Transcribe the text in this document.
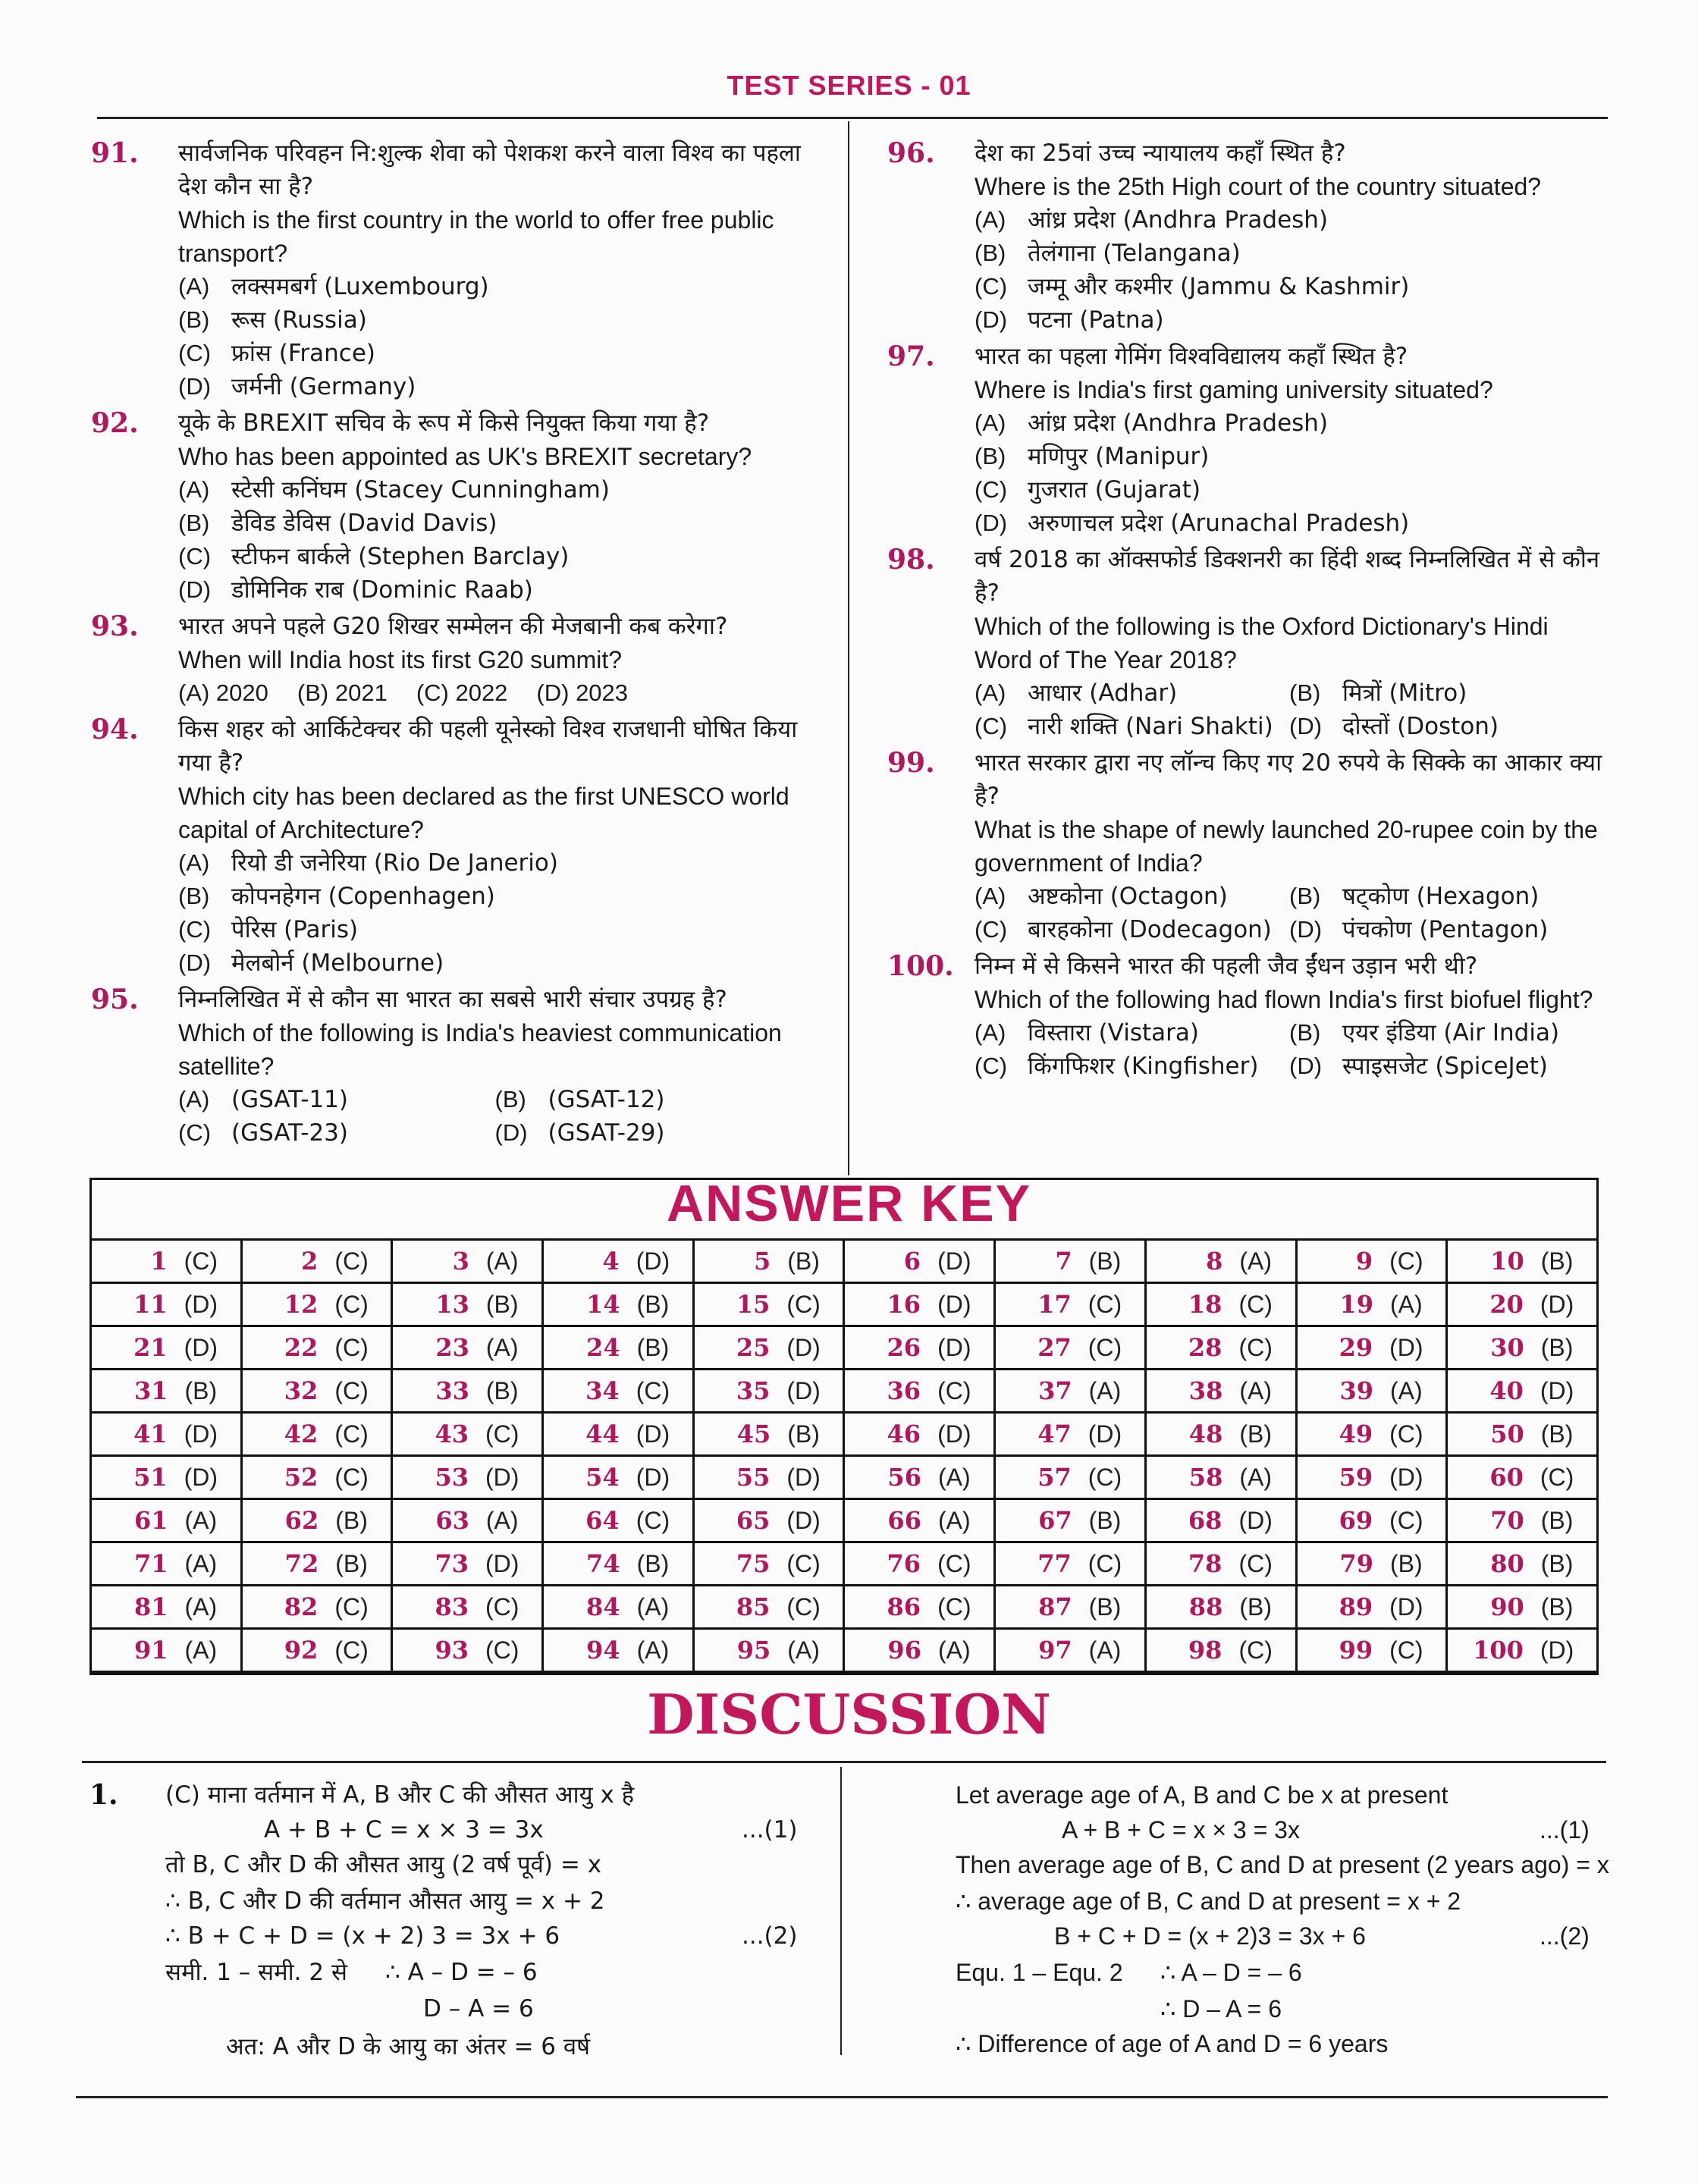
TEST SERIES - 01
91. सार्वजनिक परिवहन नि:शुल्क शेवा को पेशकश करने वाला विश्व का पहला देश कौन सा है?
Which is the first country in the world to offer free public transport?
(A) लक्समबर्ग (Luxembourg)
(B) रूस (Russia)
(C) फ्रांस (France)
(D) जर्मनी (Germany)
92. यूके के BREXIT सचिव के रूप में किसे नियुक्त किया गया है?
Who has been appointed as UK's BREXIT secretary?
(A) स्टेसी कनिंघम (Stacey Cunningham)
(B) डेविड डेविस (David Davis)
(C) स्टीफन बार्कले (Stephen Barclay)
(D) डोमिनिक राब (Dominic Raab)
93. भारत अपने पहले G20 शिखर सम्मेलन की मेजबानी कब करेगा?
When will India host its first G20 summit?
(A) 2020 (B) 2021 (C) 2022 (D) 2023
94. किस शहर को आर्किटेक्चर की पहली यूनेस्को विश्व राजधानी घोषित किया गया है?
Which city has been declared as the first UNESCO world capital of Architecture?
(A) रियो डी जनेरिया (Rio De Janerio)
(B) कोपनहेगन (Copenhagen)
(C) पेरिस (Paris)
(D) मेलबोर्न (Melbourne)
95. निम्नलिखित में से कौन सा भारत का सबसे भारी संचार उपग्रह है?
Which of the following is India's heaviest communication satellite?
(A) (GSAT-11)	(B) (GSAT-12)
(C) (GSAT-23)	(D) (GSAT-29)
96. देश का 25वां उच्च न्यायालय कहाँ स्थित है?
Where is the 25th High court of the country situated?
(A) आंध्र प्रदेश (Andhra Pradesh)
(B) तेलंगाना (Telangana)
(C) जम्मू और कश्मीर (Jammu & Kashmir)
(D) पटना (Patna)
97. भारत का पहला गेमिंग विश्वविद्यालय कहाँ स्थित है?
Where is India's first gaming university situated?
(A) आंध्र प्रदेश (Andhra Pradesh)
(B) मणिपुर (Manipur)
(C) गुजरात (Gujarat)
(D) अरुणाचल प्रदेश (Arunachal Pradesh)
98. वर्ष 2018 का ऑक्सफोर्ड डिक्शनरी का हिंदी शब्द निम्नलिखित में से कौन है?
Which of the following is the Oxford Dictionary's Hindi Word of The Year 2018?
(A) आधार (Adhar)	(B) मित्रों (Mitro)
(C) नारी शक्ति (Nari Shakti) (D) दोस्तों (Doston)
99. भारत सरकार द्वारा नए लॉन्च किए गए 20 रुपये के सिक्के का आकार क्या है?
What is the shape of newly launched 20-rupee coin by the government of India?
(A) अष्टकोना (Octagon)	(B) षट्कोण (Hexagon)
(C) बारहकोना (Dodecagon) (D) पंचकोण (Pentagon)
100. निम्न में से किसने भारत की पहली जैव ईंधन उड़ान भरी थी?
Which of the following had flown India's first biofuel flight?
(A) विस्तारा (Vistara)	(B) एयर इंडिया (Air India)
(C) किंगफिशर (Kingfisher) (D) स्पाइसजेट (SpiceJet)
ANSWER KEY
1 (C)	2 (C)	3 (A)	4 (D)	5 (B)	6 (D)	7 (B)	8 (A)	9 (C)	10 (B)

11 (D)	12 (C)	13 (B)	14 (B)	15 (C)	16 (D)	17 (C)	18 (C)	19 (A)	20 (D)

21 (D)	22 (C)	23 (A)	24 (B)	25 (D)	26 (D)	27 (C)	28 (C)	29 (D)	30 (B)

31 (B)	32 (C)	33 (B)	34 (C)	35 (D)	36 (C)	37 (A)	38 (A)	39 (A)	40 (D)

41 (D)	42 (C)	43 (C)	44 (D)	45 (B)	46 (D)	47 (D)	48 (B)	49 (C)	50 (B)

51 (D)	52 (C)	53 (D)	54 (D)	55 (D)	56 (A)	57 (C)	58 (A)	59 (D)	60 (C)

61 (A)	62 (B)	63 (A)	64 (C)	65 (D)	66 (A)	67 (B)	68 (D)	69 (C)	70 (B)

71 (A)	72 (B)	73 (D)	74 (B)	75 (C)	76 (C)	77 (C)	78 (C)	79 (B)	80 (B)

81 (A)	82 (C)	83 (C)	84 (A)	85 (C)	86 (C)	87 (B)	88 (B)	89 (D)	90 (B)

91 (A)	92 (C)	93 (C)	94 (A)	95 (A)	96 (A)	97 (A)	98 (C)	99 (C)	100 (D)
DISCUSSION
1. (C) माना वर्तमान में A, B और C की औसत आयु x है
A + B + C = x × 3 = 3x	...(1)
तो B, C और D की औसत आयु (2 वर्ष पूर्व) = x
∴ B, C और D की वर्तमान औसत आयु = x + 2
∴ B + C + D = (x + 2) 3 = 3x + 6	...(2)
समी. 1 – समी. 2 से ∴ A – D = – 6
D – A = 6
अत: A और D के आयु का अंतर = 6 वर्ष
Let average age of A, B and C be x at present
A + B + C = x × 3 = 3x	...(1)
Then average age of B, C and D at present (2 years ago) = x
∴ average age of B, C and D at present = x + 2
B + C + D = (x + 2)3 = 3x + 6	...(2)
Equ. 1 – Equ. 2 ∴ A – D = – 6
∴ D – A = 6
∴ Difference of age of A and D = 6 years
